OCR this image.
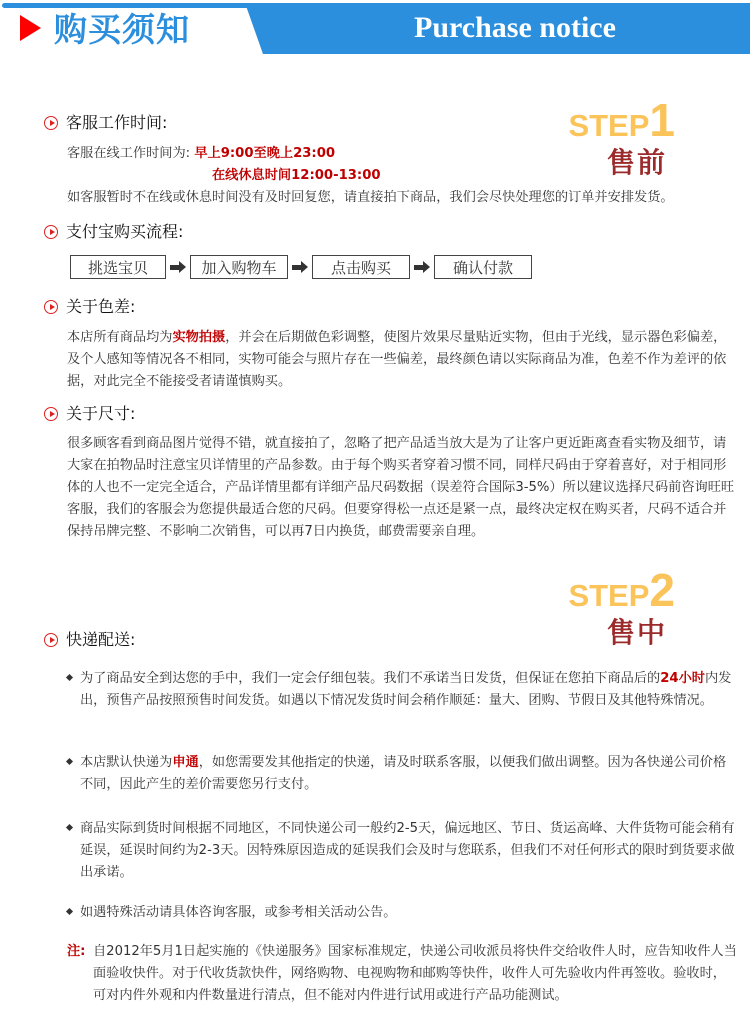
购买须知	Purchase notice
STEP1
售前
客服工作时间:
客服在线工作时间为: 早上9:00至晚上23:00
在线休息时间12:00-13:00
如客服暂时不在线或休息时间没有及时回复您，请直接拍下商品，我们会尽快处理您的订单并安排发货。
支付宝购买流程:
挑选宝贝	加入购物车	点击购买	确认付款
关于色差:
本店所有商品均为实物拍摄，并会在后期做色彩调整，使图片效果尽量贴近实物，但由于光线，显示器色彩偏差，及个人感知等情况各不相同，实物可能会与照片存在一些偏差，最终颜色请以实际商品为准，色差不作为差评的依据，对此完全不能接受者请谨慎购买。
关于尺寸:
很多顾客看到商品图片觉得不错，就直接拍了，忽略了把产品适当放大是为了让客户更近距离查看实物及细节，请大家在拍物品时注意宝贝详情里的产品参数。由于每个购买者穿着习惯不同，同样尺码由于穿着喜好，对于相同形体的人也不一定完全适合，产品详情里都有详细产品尺码数据（误差符合国际3-5%）所以建议选择尺码前咨询旺旺客服，我们的客服会为您提供最适合您的尺码。但要穿得松一点还是紧一点，最终决定权在购买者，尺码不适合并保持吊牌完整、不影响二次销售，可以再7日内换货，邮费需要亲自理。
STEP2
售中
快递配送:
为了商品安全到达您的手中，我们一定会仔细包装。我们不承诺当日发货，但保证在您拍下商品后的24小时内发出，预售产品按照预售时间发货。如遇以下情况发货时间会稍作顺延：量大、团购、节假日及其他特殊情况。
本店默认快递为申通，如您需要发其他指定的快递，请及时联系客服，以便我们做出调整。因为各快递公司价格不同，因此产生的差价需要您另行支付。
商品实际到货时间根据不同地区，不同快递公司一般约2-5天，偏远地区、节日、货运高峰、大件货物可能会稍有延误，延误时间约为2-3天。因特殊原因造成的延误我们会及时与您联系，但我们不对任何形式的限时到货要求做出承诺。
如遇特殊活动请具体咨询客服，或参考相关活动公告。
注: 自2012年5月1日起实施的《快递服务》国家标准规定，快递公司收派员将快件交给收件人时，应告知收件人当面验收快件。对于代收货款快件，网络购物、电视购物和邮购等快件，收件人可先验收内件再签收。验收时，可对内件外观和内件数量进行清点，但不能对内件进行试用或进行产品功能测试。
